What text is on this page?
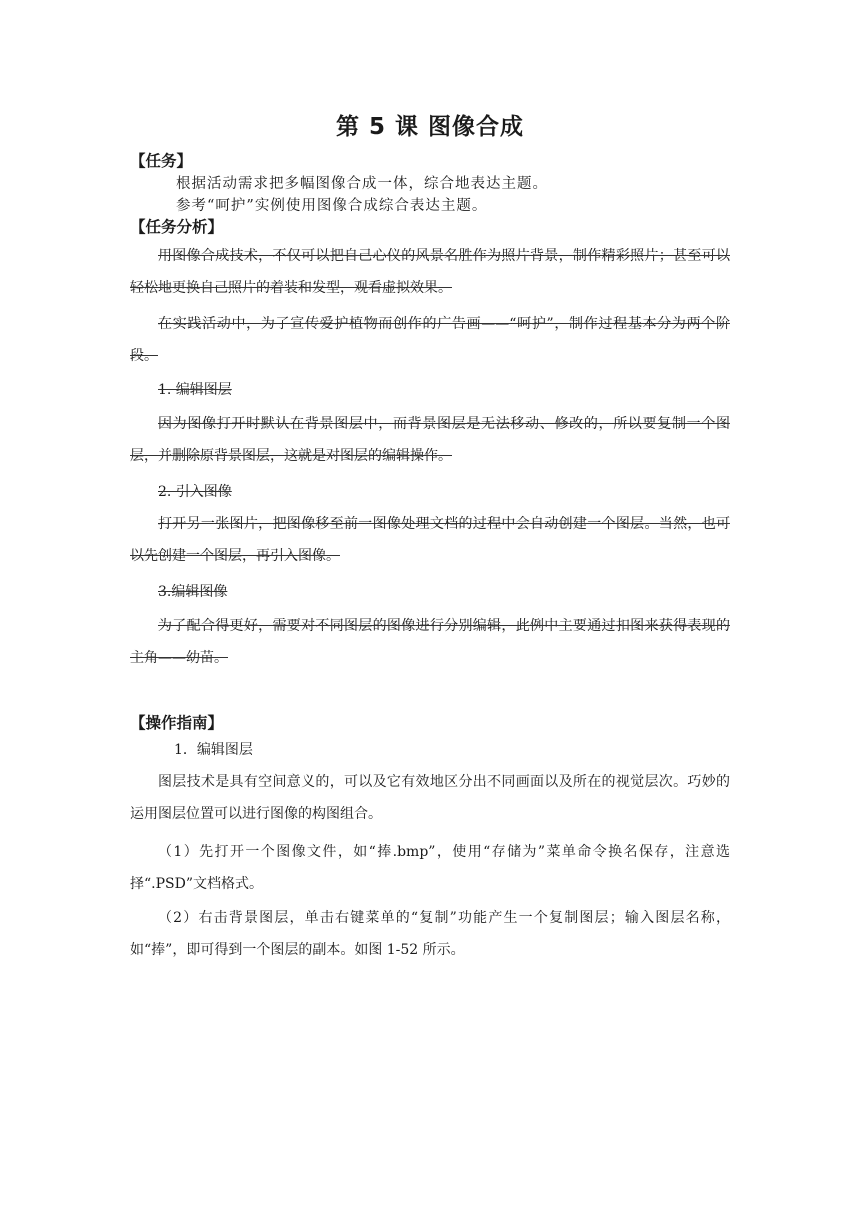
第 5 课 图像合成
【任务】
根据活动需求把多幅图像合成一体，综合地表达主题。
参考“呵护”实例使用图像合成综合表达主题。
【任务分析】

用图像合成技术，不仅可以把自己心仪的风景名胜作为照片背景，制作精彩照片；甚至可以轻松地更换自己照片的着装和发型，观看虚拟效果。

在实践活动中，为了宣传爱护植物而创作的广告画——“呵护”，制作过程基本分为两个阶段。

1. 编辑图层

因为图像打开时默认在背景图层中，而背景图层是无法移动、修改的，所以要复制一个图层，并删除原背景图层，这就是对图层的编辑操作。

2. 引入图像

打开另一张图片，把图像移至前一图像处理文档的过程中会自动创建一个图层。当然，也可以先创建一个图层，再引入图像。

3.编辑图像

为了配合得更好，需要对不同图层的图像进行分别编辑，此例中主要通过扣图来获得表现的主角——幼苗。

【操作指南】
1．编辑图层

图层技术是具有空间意义的，可以及它有效地区分出不同画面以及所在的视觉层次。巧妙的运用图层位置可以进行图像的构图组合。

（1）先打开一个图像文件，如“捧.bmp”，使用“存储为”菜单命令换名保存，注意选择“.PSD”文档格式。

（2）右击背景图层，单击右键菜单的“复制”功能产生一个复制图层；输入图层名称，如“捧”，即可得到一个图层的副本。如图 1-52 所示。
